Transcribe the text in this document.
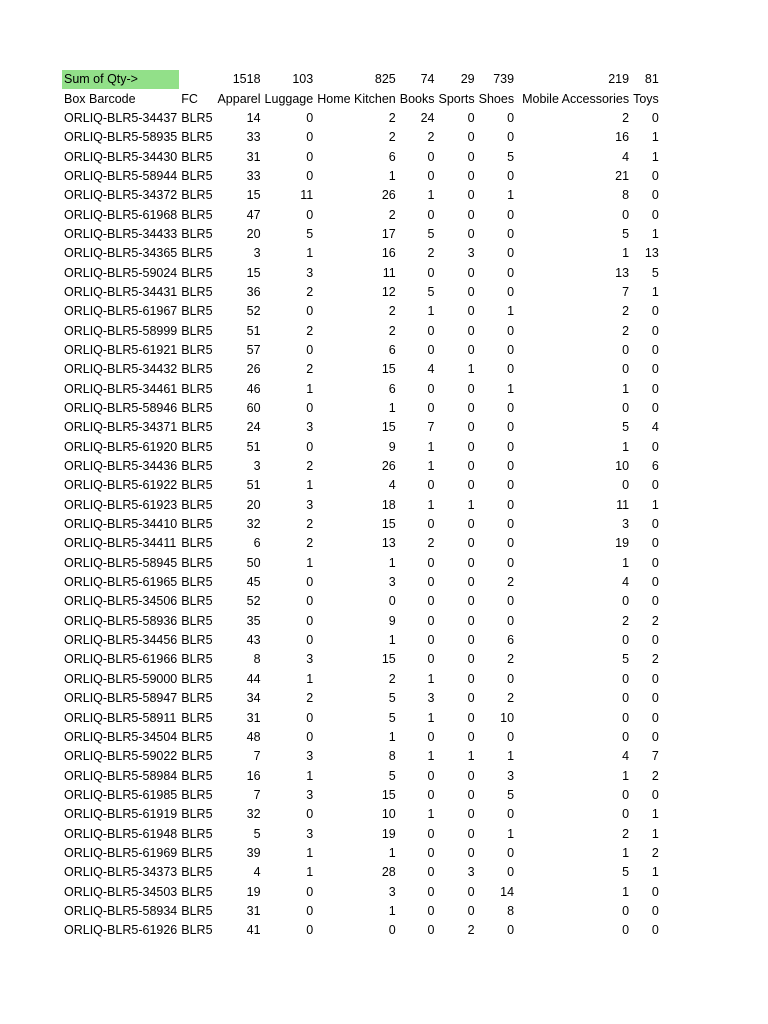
Sum of Qty->		1518	103	825	74	29	739	219	81
Box Barcode	FC	Apparel	Luggage	Home Kitchen	Books	Sports	Shoes	Mobile Accessories	Toys
ORLIQ-BLR5-34437	BLR5	14	0	2	24	0	0	2	0
ORLIQ-BLR5-58935	BLR5	33	0	2	2	0	0	16	1
ORLIQ-BLR5-34430	BLR5	31	0	6	0	0	5	4	1
ORLIQ-BLR5-58944	BLR5	33	0	1	0	0	0	21	0
ORLIQ-BLR5-34372	BLR5	15	11	26	1	0	1	8	0
ORLIQ-BLR5-61968	BLR5	47	0	2	0	0	0	0	0
ORLIQ-BLR5-34433	BLR5	20	5	17	5	0	0	5	1
ORLIQ-BLR5-34365	BLR5	3	1	16	2	3	0	1	13
ORLIQ-BLR5-59024	BLR5	15	3	11	0	0	0	13	5
ORLIQ-BLR5-34431	BLR5	36	2	12	5	0	0	7	1
ORLIQ-BLR5-61967	BLR5	52	0	2	1	0	1	2	0
ORLIQ-BLR5-58999	BLR5	51	2	2	0	0	0	2	0
ORLIQ-BLR5-61921	BLR5	57	0	6	0	0	0	0	0
ORLIQ-BLR5-34432	BLR5	26	2	15	4	1	0	0	0
ORLIQ-BLR5-34461	BLR5	46	1	6	0	0	1	1	0
ORLIQ-BLR5-58946	BLR5	60	0	1	0	0	0	0	0
ORLIQ-BLR5-34371	BLR5	24	3	15	7	0	0	5	4
ORLIQ-BLR5-61920	BLR5	51	0	9	1	0	0	1	0
ORLIQ-BLR5-34436	BLR5	3	2	26	1	0	0	10	6
ORLIQ-BLR5-61922	BLR5	51	1	4	0	0	0	0	0
ORLIQ-BLR5-61923	BLR5	20	3	18	1	1	0	11	1
ORLIQ-BLR5-34410	BLR5	32	2	15	0	0	0	3	0
ORLIQ-BLR5-34411	BLR5	6	2	13	2	0	0	19	0
ORLIQ-BLR5-58945	BLR5	50	1	1	0	0	0	1	0
ORLIQ-BLR5-61965	BLR5	45	0	3	0	0	2	4	0
ORLIQ-BLR5-34506	BLR5	52	0	0	0	0	0	0	0
ORLIQ-BLR5-58936	BLR5	35	0	9	0	0	0	2	2
ORLIQ-BLR5-34456	BLR5	43	0	1	0	0	6	0	0
ORLIQ-BLR5-61966	BLR5	8	3	15	0	0	2	5	2
ORLIQ-BLR5-59000	BLR5	44	1	2	1	0	0	0	0
ORLIQ-BLR5-58947	BLR5	34	2	5	3	0	2	0	0
ORLIQ-BLR5-58911	BLR5	31	0	5	1	0	10	0	0
ORLIQ-BLR5-34504	BLR5	48	0	1	0	0	0	0	0
ORLIQ-BLR5-59022	BLR5	7	3	8	1	1	1	4	7
ORLIQ-BLR5-58984	BLR5	16	1	5	0	0	3	1	2
ORLIQ-BLR5-61985	BLR5	7	3	15	0	0	5	0	0
ORLIQ-BLR5-61919	BLR5	32	0	10	1	0	0	0	1
ORLIQ-BLR5-61948	BLR5	5	3	19	0	0	1	2	1
ORLIQ-BLR5-61969	BLR5	39	1	1	0	0	0	1	2
ORLIQ-BLR5-34373	BLR5	4	1	28	0	3	0	5	1
ORLIQ-BLR5-34503	BLR5	19	0	3	0	0	14	1	0
ORLIQ-BLR5-58934	BLR5	31	0	1	0	0	8	0	0
ORLIQ-BLR5-61926	BLR5	41	0	0	0	2	0	0	0
